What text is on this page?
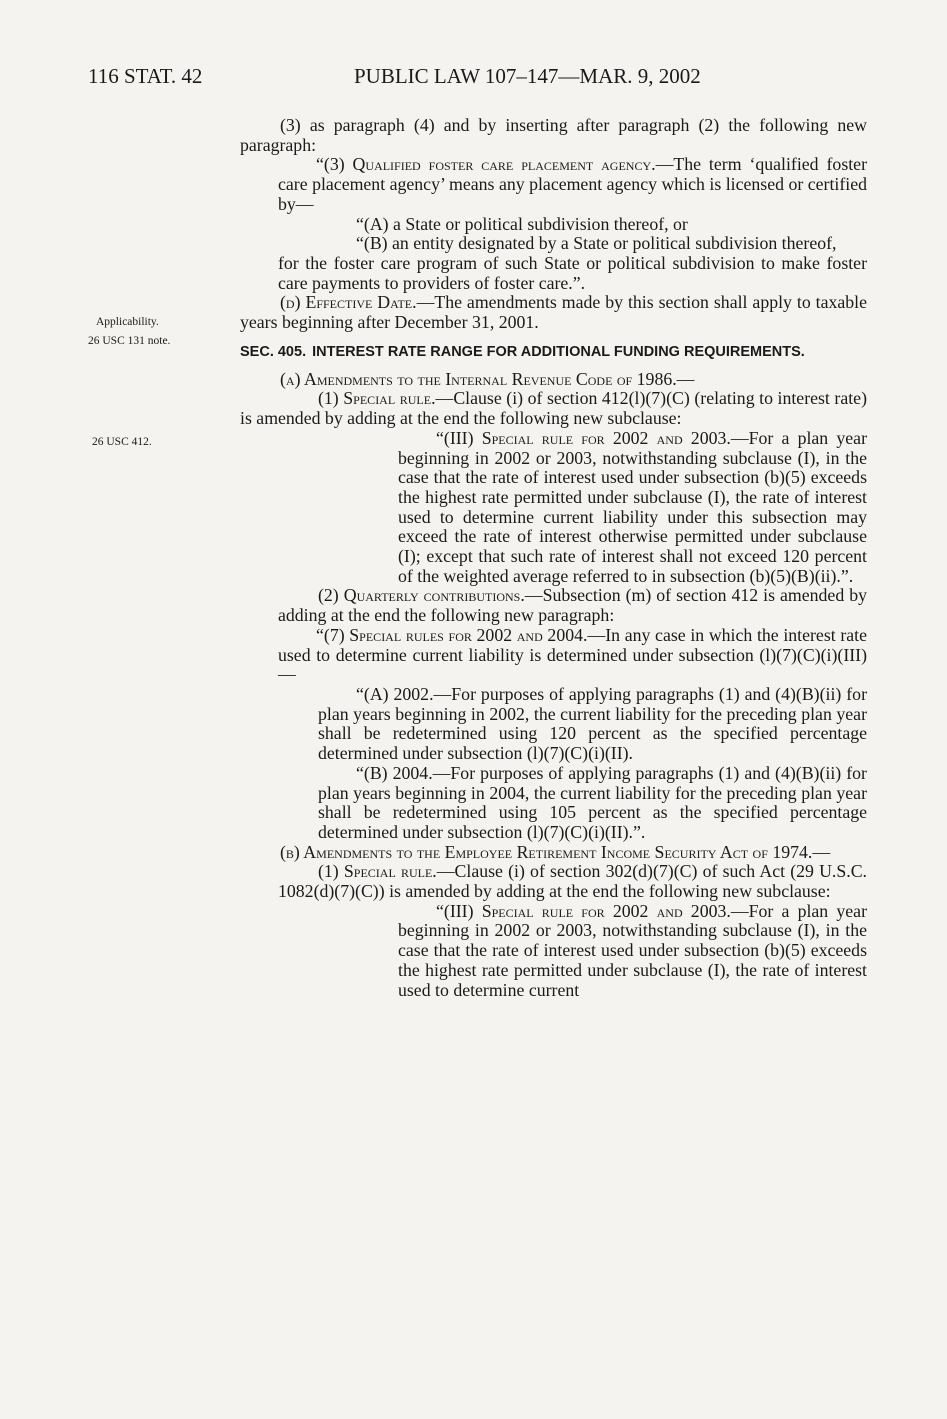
116 STAT. 42	PUBLIC LAW 107–147—MAR. 9, 2002
Applicability.
26 USC 131 note.
26 USC 412.

(3) as paragraph (4) and by inserting after paragraph (2) the following new paragraph:

“(3) Qualified foster care placement agency.—The term ‘qualified foster care placement agency’ means any placement agency which is licensed or certified by—

“(A) a State or political subdivision thereof, or

“(B) an entity designated by a State or political subdivision thereof,

for the foster care program of such State or political subdivision to make foster care payments to providers of foster care.”.

(d) Effective Date.—The amendments made by this section shall apply to taxable years beginning after December 31, 2001.

SEC. 405. INTEREST RATE RANGE FOR ADDITIONAL FUNDING REQUIREMENTS.

(a) Amendments to the Internal Revenue Code of 1986.—

(1) Special rule.—Clause (i) of section 412(l)(7)(C) (relating to interest rate) is amended by adding at the end the following new subclause:

“(III) Special rule for 2002 and 2003.—For a plan year beginning in 2002 or 2003, notwithstanding subclause (I), in the case that the rate of interest used under subsection (b)(5) exceeds the highest rate permitted under subclause (I), the rate of interest used to determine current liability under this subsection may exceed the rate of interest otherwise permitted under subclause (I); except that such rate of interest shall not exceed 120 percent of the weighted average referred to in subsection (b)(5)(B)(ii).”.

(2) Quarterly contributions.—Subsection (m) of section 412 is amended by adding at the end the following new paragraph:

“(7) Special rules for 2002 and 2004.—In any case in which the interest rate used to determine current liability is determined under subsection (l)(7)(C)(i)(III)—

“(A) 2002.—For purposes of applying paragraphs (1) and (4)(B)(ii) for plan years beginning in 2002, the current liability for the preceding plan year shall be redetermined using 120 percent as the specified percentage determined under subsection (l)(7)(C)(i)(II).

“(B) 2004.—For purposes of applying paragraphs (1) and (4)(B)(ii) for plan years beginning in 2004, the current liability for the preceding plan year shall be redetermined using 105 percent as the specified percentage determined under subsection (l)(7)(C)(i)(II).”.

(b) Amendments to the Employee Retirement Income Security Act of 1974.—

(1) Special rule.—Clause (i) of section 302(d)(7)(C) of such Act (29 U.S.C. 1082(d)(7)(C)) is amended by adding at the end the following new subclause:

“(III) Special rule for 2002 and 2003.—For a plan year beginning in 2002 or 2003, notwithstanding subclause (I), in the case that the rate of interest used under subsection (b)(5) exceeds the highest rate permitted under subclause (I), the rate of interest used to determine current
